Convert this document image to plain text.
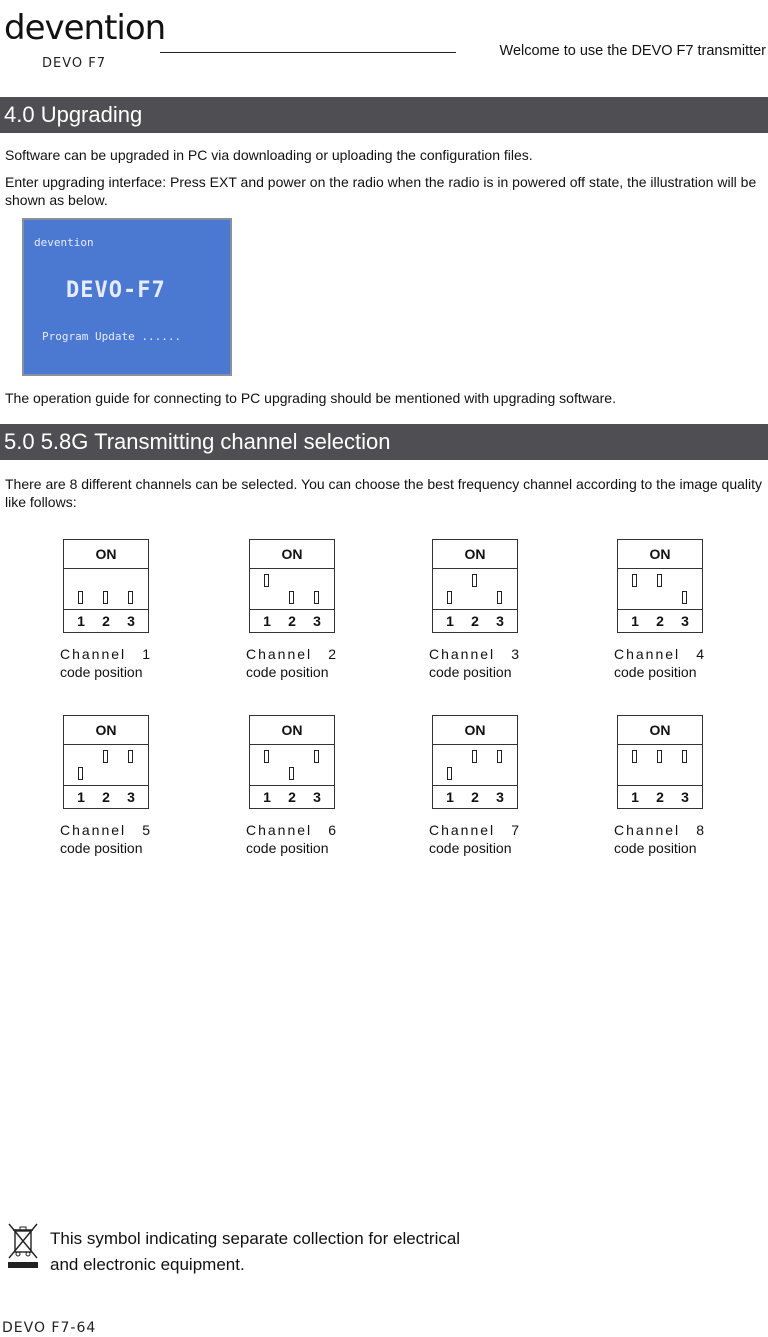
devention
DEVO F7
Welcome to use the DEVO F7 transmitter
4.0 Upgrading
Software can be upgraded in PC via downloading or uploading the configuration files.
Enter upgrading interface: Press EXT and power on the radio when the radio is in powered off state, the illustration will be shown as below.
devention
DEVO-F7
Program Update ......
The operation guide for connecting to PC upgrading should be mentioned with upgrading software.
5.0 5.8G Transmitting channel selection
There are 8 different channels can be selected. You can choose the best frequency channel according to the image quality like follows:
ON
1 2 3
Channel 1
code position
ON
1 2 3
Channel 2
code position
ON
1 2 3
Channel 3
code position
ON
1 2 3
Channel 4
code position
ON
1 2 3
Channel 5
code position
ON
1 2 3
Channel 6
code position
ON
1 2 3
Channel 7
code position
ON
1 2 3
Channel 8
code position
This symbol indicating separate collection for electrical
and electronic equipment.
DEVO F7-64
